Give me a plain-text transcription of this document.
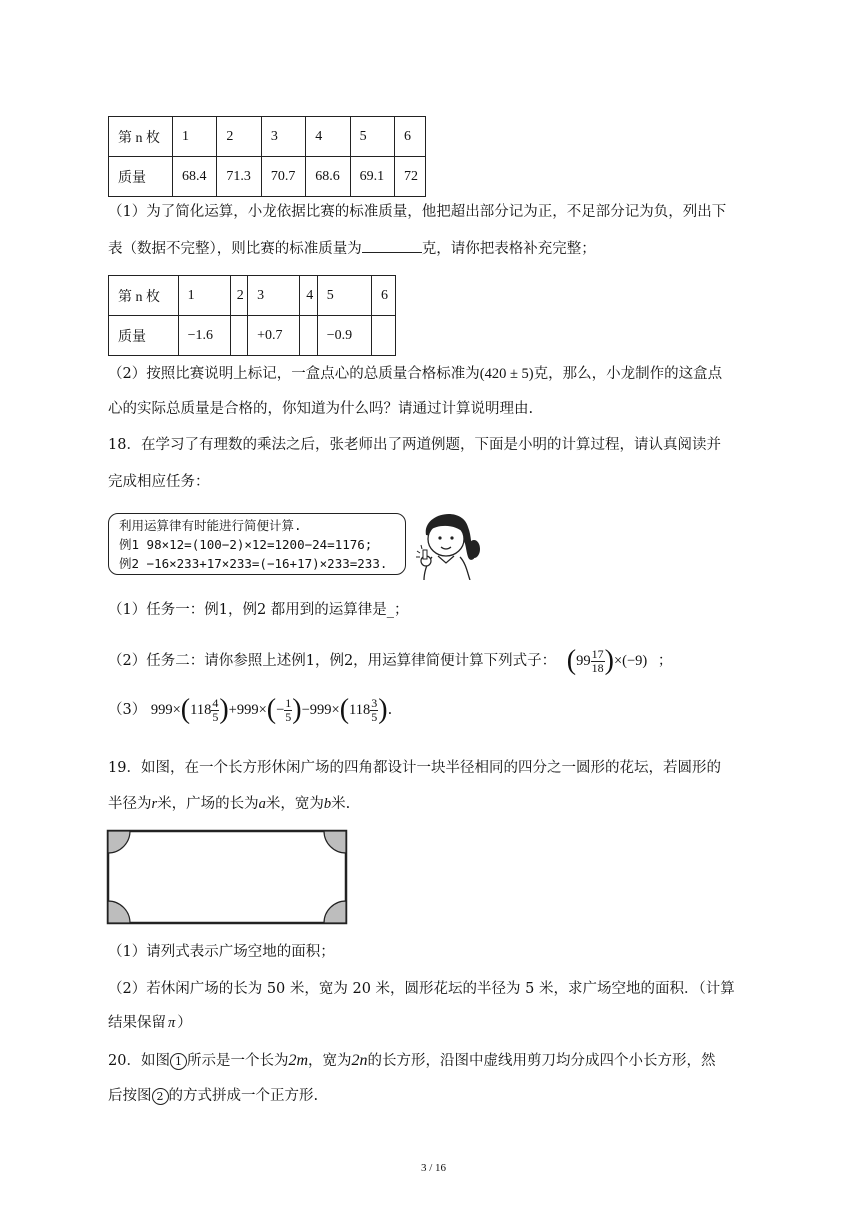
第 n 枚	1	2	3	4	5	6
质量	68.4	71.3	70.7	68.6	69.1	72
（1）为了简化运算，小龙依据比赛的标准质量，他把超出部分记为正，不足部分记为负，列出下
表（数据不完整），则比赛的标准质量为	克，请你把表格补充完整；
第 n 枚	1	2	3	4	5	6
质量	−1.6		+0.7		−0.9	
（2）按照比赛说明上标记，一盒点心的总质量合格标准为(420 ± 5)克，那么，小龙制作的这盒点
心的实际总质量是合格的，你知道为什么吗？请通过计算说明理由.
18．在学习了有理数的乘法之后，张老师出了两道例题，下面是小明的计算过程，请认真阅读并
完成相应任务：
利用运算律有时能进行简便计算.
例1 98×12=(100−2)×12=1200−24=1176;
例2 −16×233+17×233=(−16+17)×233=233.
（1）任务一：例1，例2 都用到的运算律是_；
（2）任务二：请你参照上述例1，例2，用运算律简便计算下列式子： $(99 \frac{17}{18} )\times(-9)$ ；
（3） $999\times(118 \frac{4}{5} )+999\times(- \frac{1}{5} )-999\times(118 \frac{3}{5}$ ).
19．如图，在一个长方形休闲广场的四角都设计一块半径相同的四分之一圆形的花坛，若圆形的
半径为r米，广场的长为a米，宽为b米.
（1）请列式表示广场空地的面积；
（2）若休闲广场的长为 50 米，宽为 20 米，圆形花坛的半径为 5 米，求广场空地的面积．（计算
结果保留 π ）
20．如图 1 所示是一个长为2m，宽为2n的长方形，沿图中虚线用剪刀均分成四个小长方形，然
后按图 2 的方式拼成一个正方形.
3 / 16
